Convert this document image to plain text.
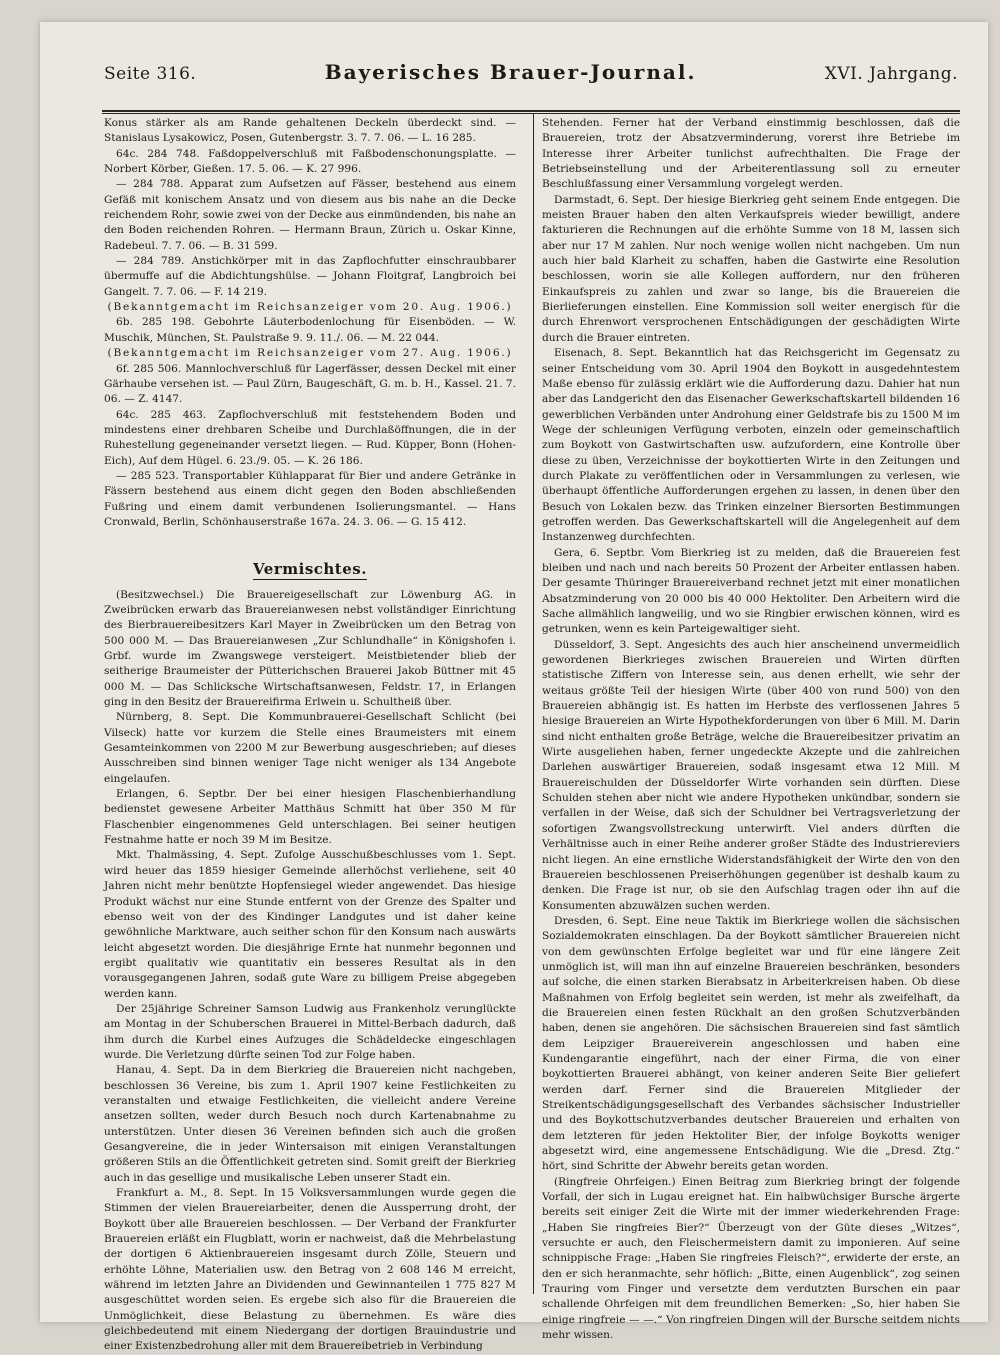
Seite 316.	Bayerisches Brauer-Journal.	XVI. Jahrgang.

Konus stärker als am Rande gehaltenen Deckeln überdeckt sind. — Stanislaus Lysakowicz, Posen, Gutenbergstr. 3. 7. 7. 06. — L. 16 285.

64c. 284 748. Faßdoppelverschluß mit Faßbodenschonungsplatte. — Norbert Körber, Gießen. 17. 5. 06. — K. 27 996.

— 284 788. Apparat zum Aufsetzen auf Fässer, bestehend aus einem Gefäß mit konischem Ansatz und von diesem aus bis nahe an die Decke reichendem Rohr, sowie zwei von der Decke aus einmündenden, bis nahe an den Boden reichenden Rohren. — Hermann Braun, Zürich u. Oskar Kinne, Radebeul. 7. 7. 06. — B. 31 599.

— 284 789. Anstichkörper mit in das Zapflochfutter einschraubbarer übermuffe auf die Abdichtungshülse. — Johann Floitgraf, Langbroich bei Gangelt. 7. 7. 06. — F. 14 219.

(Bekanntgemacht im Reichsanzeiger vom 20. Aug. 1906.)

6b. 285 198. Gebohrte Läuterbodenlochung für Eisenböden. — W. Muschik, München, St. Paulstraße 9. 9. 11./. 06. — M. 22 044.

(Bekanntgemacht im Reichsanzeiger vom 27. Aug. 1906.)

6f. 285 506. Mannlochverschluß für Lagerfässer, dessen Deckel mit einer Gärhaube versehen ist. — Paul Zürn, Baugeschäft, G. m. b. H., Kassel. 21. 7. 06. — Z. 4147.

64c. 285 463. Zapflochverschluß mit feststehendem Boden und mindestens einer drehbaren Scheibe und Durchlaßöffnungen, die in der Ruhestellung gegeneinander versetzt liegen. — Rud. Küpper, Bonn (Hohen-Eich), Auf dem Hügel. 6. 23./9. 05. — K. 26 186.

— 285 523. Transportabler Kühlapparat für Bier und andere Getränke in Fässern bestehend aus einem dicht gegen den Boden abschließenden Fußring und einem damit verbundenen Isolierungsmantel. — Hans Cronwald, Berlin, Schönhauserstraße 167a. 24. 3. 06. — G. 15 412.

Vermischtes.

(Besitzwechsel.) Die Brauereigesellschaft zur Löwenburg AG. in Zweibrücken erwarb das Brauereianwesen nebst vollständiger Einrichtung des Bierbrauereibesitzers Karl Mayer in Zweibrücken um den Betrag von 500 000 M. — Das Brauereianwesen „Zur Schlundhalle“ in Königshofen i. Grbf. wurde im Zwangswege versteigert. Meistbietender blieb der seitherige Braumeister der Pütterichschen Brauerei Jakob Büttner mit 45 000 M. — Das Schlicksche Wirtschaftsanwesen, Feldstr. 17, in Erlangen ging in den Besitz der Brauereifirma Erlwein u. Schultheiß über.

Nürnberg, 8. Sept. Die Kommunbrauerei-Gesellschaft Schlicht (bei Vilseck) hatte vor kurzem die Stelle eines Braumeisters mit einem Gesamteinkommen von 2200 M zur Bewerbung ausgeschrieben; auf dieses Ausschreiben sind binnen weniger Tage nicht weniger als 134 Angebote eingelaufen.

Erlangen, 6. Septbr. Der bei einer hiesigen Flaschenbierhandlung bedienstet gewesene Arbeiter Matthäus Schmitt hat über 350 M für Flaschenbier eingenommenes Geld unterschlagen. Bei seiner heutigen Festnahme hatte er noch 39 M im Besitze.

Mkt. Thalmässing, 4. Sept. Zufolge Ausschußbeschlusses vom 1. Sept. wird heuer das 1859 hiesiger Gemeinde allerhöchst verliehene, seit 40 Jahren nicht mehr benützte Hopfensiegel wieder angewendet. Das hiesige Produkt wächst nur eine Stunde entfernt von der Grenze des Spalter und ebenso weit von der des Kindinger Landgutes und ist daher keine gewöhnliche Marktware, auch seither schon für den Konsum nach auswärts leicht abgesetzt worden. Die diesjährige Ernte hat nunmehr begonnen und ergibt qualitativ wie quantitativ ein besseres Resultat als in den vorausgegangenen Jahren, sodaß gute Ware zu billigem Preise abgegeben werden kann.

Der 25jährige Schreiner Samson Ludwig aus Frankenholz verunglückte am Montag in der Schuberschen Brauerei in Mittel-Berbach dadurch, daß ihm durch die Kurbel eines Aufzuges die Schädeldecke eingeschlagen wurde. Die Verletzung dürfte seinen Tod zur Folge haben.

Hanau, 4. Sept. Da in dem Bierkrieg die Brauereien nicht nachgeben, beschlossen 36 Vereine, bis zum 1. April 1907 keine Festlichkeiten zu veranstalten und etwaige Festlichkeiten, die vielleicht andere Vereine ansetzen sollten, weder durch Besuch noch durch Kartenabnahme zu unterstützen. Unter diesen 36 Vereinen befinden sich auch die großen Gesangvereine, die in jeder Wintersaison mit einigen Veranstaltungen größeren Stils an die Öffentlichkeit getreten sind. Somit greift der Bierkrieg auch in das gesellige und musikalische Leben unserer Stadt ein.

Frankfurt a. M., 8. Sept. In 15 Volksversammlungen wurde gegen die Stimmen der vielen Brauereiarbeiter, denen die Aussperrung droht, der Boykott über alle Brauereien beschlossen. — Der Verband der Frankfurter Brauereien erläßt ein Flugblatt, worin er nachweist, daß die Mehrbelastung der dortigen 6 Aktienbrauereien insgesamt durch Zölle, Steuern und erhöhte Löhne, Materialien usw. den Betrag von 2 608 146 M erreicht, während im letzten Jahre an Dividenden und Gewinnanteilen 1 775 827 M ausgeschüttet worden seien. Es ergebe sich also für die Brauereien die Unmöglichkeit, diese Belastung zu übernehmen. Es wäre dies gleichbedeutend mit einem Niedergang der dortigen Brauindustrie und einer Existenzbedrohung aller mit dem Brauereibetrieb in Verbindung

Stehenden. Ferner hat der Verband einstimmig beschlossen, daß die Brauereien, trotz der Absatzverminderung, vorerst ihre Betriebe im Interesse ihrer Arbeiter tunlichst aufrechthalten. Die Frage der Betriebseinstellung und der Arbeiterentlassung soll zu erneuter Beschlußfassung einer Versammlung vorgelegt werden.

Darmstadt, 6. Sept. Der hiesige Bierkrieg geht seinem Ende entgegen. Die meisten Brauer haben den alten Verkaufspreis wieder bewilligt, andere fakturieren die Rechnungen auf die erhöhte Summe von 18 M, lassen sich aber nur 17 M zahlen. Nur noch wenige wollen nicht nachgeben. Um nun auch hier bald Klarheit zu schaffen, haben die Gastwirte eine Resolution beschlossen, worin sie alle Kollegen auffordern, nur den früheren Einkaufspreis zu zahlen und zwar so lange, bis die Brauereien die Bierlieferungen einstellen. Eine Kommission soll weiter energisch für die durch Ehrenwort versprochenen Entschädigungen der geschädigten Wirte durch die Brauer eintreten.

Eisenach, 8. Sept. Bekanntlich hat das Reichsgericht im Gegensatz zu seiner Entscheidung vom 30. April 1904 den Boykott in ausgedehntestem Maße ebenso für zulässig erklärt wie die Aufforderung dazu. Dahier hat nun aber das Landgericht den das Eisenacher Gewerkschaftskartell bildenden 16 gewerblichen Verbänden unter Androhung einer Geldstrafe bis zu 1500 M im Wege der schleunigen Verfügung verboten, einzeln oder gemeinschaftlich zum Boykott von Gastwirtschaften usw. aufzufordern, eine Kontrolle über diese zu üben, Verzeichnisse der boykottierten Wirte in den Zeitungen und durch Plakate zu veröffentlichen oder in Versammlungen zu verlesen, wie überhaupt öffentliche Aufforderungen ergehen zu lassen, in denen über den Besuch von Lokalen bezw. das Trinken einzelner Biersorten Bestimmungen getroffen werden. Das Gewerkschaftskartell will die Angelegenheit auf dem Instanzenweg durchfechten.

Gera, 6. Septbr. Vom Bierkrieg ist zu melden, daß die Brauereien fest bleiben und nach und nach bereits 50 Prozent der Arbeiter entlassen haben. Der gesamte Thüringer Brauereiverband rechnet jetzt mit einer monatlichen Absatzminderung von 20 000 bis 40 000 Hektoliter. Den Arbeitern wird die Sache allmählich langweilig, und wo sie Ringbier erwischen können, wird es getrunken, wenn es kein Parteigewaltiger sieht.

Düsseldorf, 3. Sept. Angesichts des auch hier anscheinend unvermeidlich gewordenen Bierkrieges zwischen Brauereien und Wirten dürften statistische Ziffern von Interesse sein, aus denen erhellt, wie sehr der weitaus größte Teil der hiesigen Wirte (über 400 von rund 500) von den Brauereien abhängig ist. Es hatten im Herbste des verflossenen Jahres 5 hiesige Brauereien an Wirte Hypothekforderungen von über 6 Mill. M. Darin sind nicht enthalten große Beträge, welche die Brauereibesitzer privatim an Wirte ausgeliehen haben, ferner ungedeckte Akzepte und die zahlreichen Darlehen auswärtiger Brauereien, sodaß insgesamt etwa 12 Mill. M Brauereischulden der Düsseldorfer Wirte vorhanden sein dürften. Diese Schulden stehen aber nicht wie andere Hypotheken unkündbar, sondern sie verfallen in der Weise, daß sich der Schuldner bei Vertragsverletzung der sofortigen Zwangsvollstreckung unterwirft. Viel anders dürften die Verhältnisse auch in einer Reihe anderer großer Städte des Industriereviers nicht liegen. An eine ernstliche Widerstandsfähigkeit der Wirte den von den Brauereien beschlossenen Preiserhöhungen gegenüber ist deshalb kaum zu denken. Die Frage ist nur, ob sie den Aufschlag tragen oder ihn auf die Konsumenten abzuwälzen suchen werden.

Dresden, 6. Sept. Eine neue Taktik im Bierkriege wollen die sächsischen Sozialdemokraten einschlagen. Da der Boykott sämtlicher Brauereien nicht von dem gewünschten Erfolge begleitet war und für eine längere Zeit unmöglich ist, will man ihn auf einzelne Brauereien beschränken, besonders auf solche, die einen starken Bierabsatz in Arbeiterkreisen haben. Ob diese Maßnahmen von Erfolg begleitet sein werden, ist mehr als zweifelhaft, da die Brauereien einen festen Rückhalt an den großen Schutzverbänden haben, denen sie angehören. Die sächsischen Brauereien sind fast sämtlich dem Leipziger Brauereiverein angeschlossen und haben eine Kundengarantie eingeführt, nach der einer Firma, die von einer boykottierten Brauerei abhängt, von keiner anderen Seite Bier geliefert werden darf. Ferner sind die Brauereien Mitglieder der Streikentschädigungsgesellschaft des Verbandes sächsischer Industrieller und des Boykottschutzverbandes deutscher Brauereien und erhalten von dem letzteren für jeden Hektoliter Bier, der infolge Boykotts weniger abgesetzt wird, eine angemessene Entschädigung. Wie die „Dresd. Ztg.“ hört, sind Schritte der Abwehr bereits getan worden.

(Ringfreie Ohrfeigen.) Einen Beitrag zum Bierkrieg bringt der folgende Vorfall, der sich in Lugau ereignet hat. Ein halbwüchsiger Bursche ärgerte bereits seit einiger Zeit die Wirte mit der immer wiederkehrenden Frage: „Haben Sie ringfreies Bier?“ Überzeugt von der Güte dieses „Witzes“, versuchte er auch, den Fleischermeistern damit zu imponieren. Auf seine schnippische Frage: „Haben Sie ringfreies Fleisch?“, erwiderte der erste, an den er sich heranmachte, sehr höflich: „Bitte, einen Augenblick“, zog seinen Trauring vom Finger und versetzte dem verdutzten Burschen ein paar schallende Ohrfeigen mit dem freundlichen Bemerken: „So, hier haben Sie einige ringfreie — —.“ Von ringfreien Dingen will der Bursche seitdem nichts mehr wissen.
